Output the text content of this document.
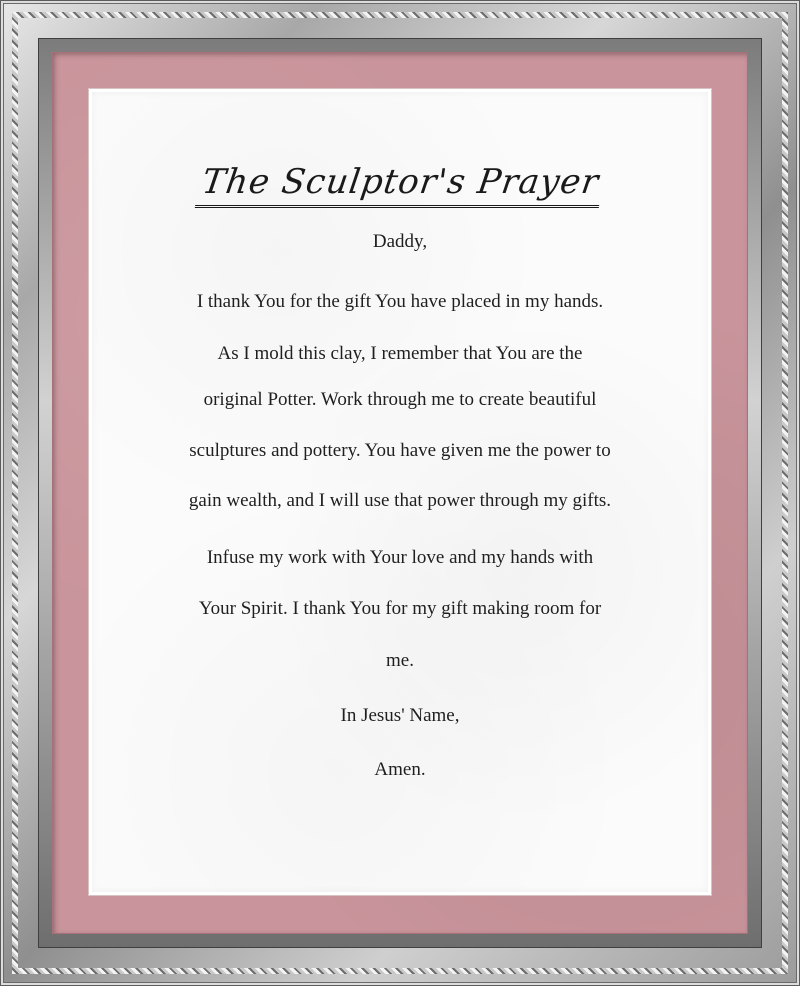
The Sculptor's Prayer
Daddy,
I thank You for the gift You have placed in my hands.
As I mold this clay, I remember that You are the
original Potter. Work through me to create beautiful
sculptures and pottery. You have given me the power to
gain wealth, and I will use that power through my gifts.
Infuse my work with Your love and my hands with
Your Spirit. I thank You for my gift making room for
me.
In Jesus' Name,
Amen.
